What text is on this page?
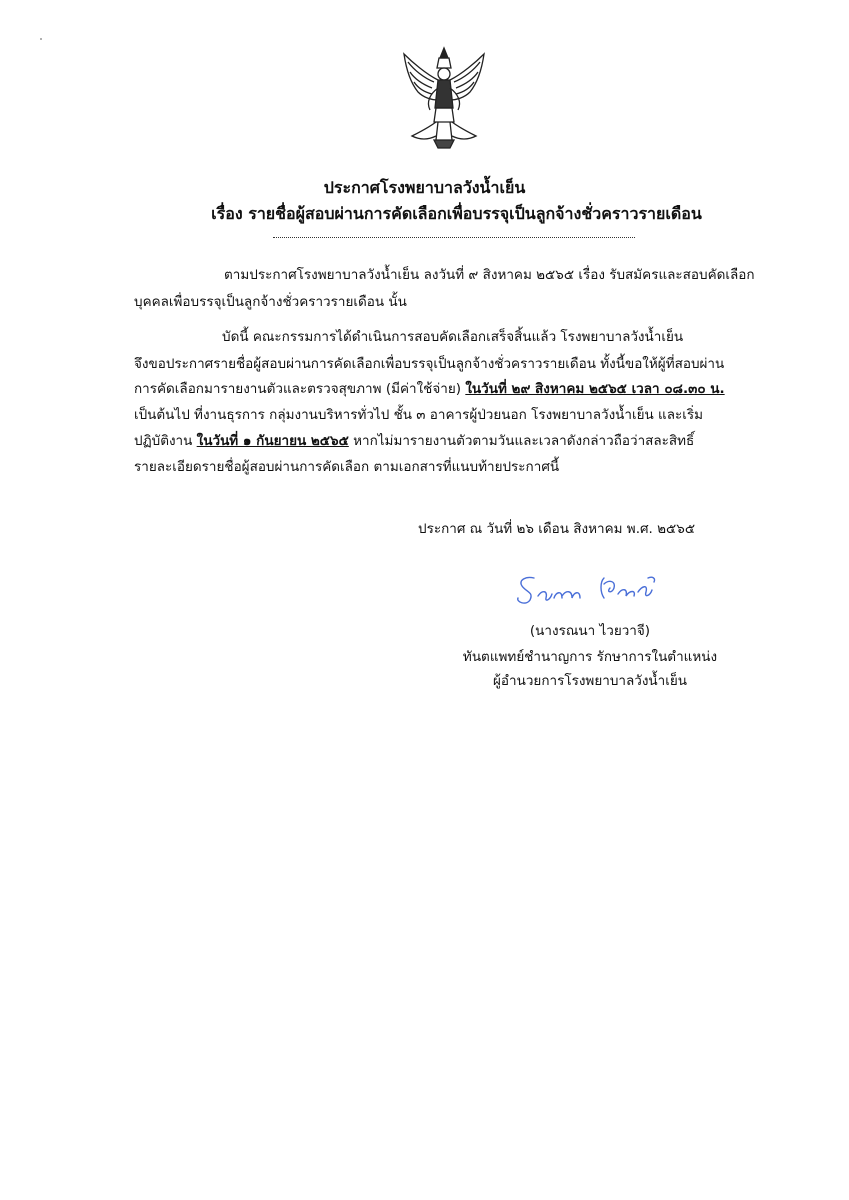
ประกาศโรงพยาบาลวังน้ำเย็น
เรื่อง รายชื่อผู้สอบผ่านการคัดเลือกเพื่อบรรจุเป็นลูกจ้างชั่วคราวรายเดือน
ตามประกาศโรงพยาบาลวังน้ำเย็น ลงวันที่ ๙ สิงหาคม ๒๕๖๕ เรื่อง รับสมัครและสอบคัดเลือก
บุคคลเพื่อบรรจุเป็นลูกจ้างชั่วคราวรายเดือน นั้น
บัดนี้ คณะกรรมการได้ดำเนินการสอบคัดเลือกเสร็จสิ้นแล้ว โรงพยาบาลวังน้ำเย็น
จึงขอประกาศรายชื่อผู้สอบผ่านการคัดเลือกเพื่อบรรจุเป็นลูกจ้างชั่วคราวรายเดือน ทั้งนี้ขอให้ผู้ที่สอบผ่าน
การคัดเลือกมารายงานตัวและตรวจสุขภาพ (มีค่าใช้จ่าย) ในวันที่ ๒๙ สิงหาคม ๒๕๖๕ เวลา ๐๘.๓๐ น.
เป็นต้นไป ที่งานธุรการ กลุ่มงานบริหารทั่วไป ชั้น ๓ อาคารผู้ป่วยนอก โรงพยาบาลวังน้ำเย็น และเริ่ม
ปฏิบัติงาน ในวันที่ ๑ กันยายน ๒๕๖๕ หากไม่มารายงานตัวตามวันและเวลาดังกล่าวถือว่าสละสิทธิ์
รายละเอียดรายชื่อผู้สอบผ่านการคัดเลือก ตามเอกสารที่แนบท้ายประกาศนี้
ประกาศ ณ วันที่ ๒๖ เดือน สิงหาคม พ.ศ. ๒๕๖๕
(นางรณนา ไวยวาจี)
ทันตแพทย์ชำนาญการ รักษาการในตำแหน่ง
ผู้อำนวยการโรงพยาบาลวังน้ำเย็น
